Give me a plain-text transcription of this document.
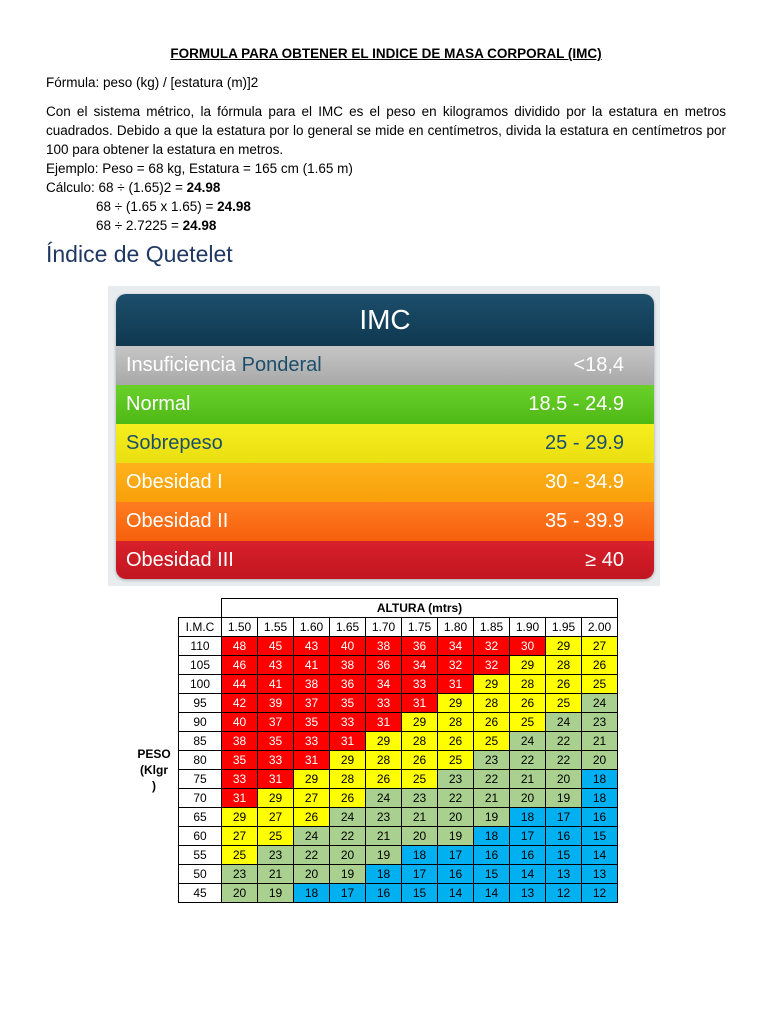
FORMULA PARA OBTENER EL INDICE DE MASA CORPORAL (IMC)

Fórmula: peso (kg) / [estatura (m)]2

Con el sistema métrico, la fórmula para el IMC es el peso en kilogramos dividido por la estatura en metros cuadrados. Debido a que la estatura por lo general se mide en centímetros, divida la estatura en centímetros por 100 para obtener la estatura en metros.

Ejemplo: Peso = 68 kg, Estatura = 165 cm (1.65 m)

Cálculo: 68 ÷ (1.65)2 = 24.98

68 ÷ (1.65 x 1.65) = 24.98

68 ÷ 2.7225 = 24.98

Índice de Quetelet
IMC
Insuficiencia Ponderal	<18,4
Normal	18.5 - 24.9
Sobrepeso	25 - 29.9
Obesidad I	30 - 34.9
Obesidad II	35 - 39.9
Obesidad III	≥ 40
		ALTURA (mtrs)										
	I.M.C	1.50	1.55	1.60	1.65	1.70	1.75	1.80	1.85	1.90	1.95	2.00
PESO
(Klgr
)	110	48	45	43	40	38	36	34	32	30	29	27
	105	46	43	41	38	36	34	32	32	29	28	26
	100	44	41	38	36	34	33	31	29	28	26	25
	95	42	39	37	35	33	31	29	28	26	25	24
	90	40	37	35	33	31	29	28	26	25	24	23
	85	38	35	33	31	29	28	26	25	24	22	21
	80	35	33	31	29	28	26	25	23	22	22	20
	75	33	31	29	28	26	25	23	22	21	20	18
	70	31	29	27	26	24	23	22	21	20	19	18
	65	29	27	26	24	23	21	20	19	18	17	16
	60	27	25	24	22	21	20	19	18	17	16	15
	55	25	23	22	20	19	18	17	16	16	15	14
	50	23	21	20	19	18	17	16	15	14	13	13
	45	20	19	18	17	16	15	14	14	13	12	12
